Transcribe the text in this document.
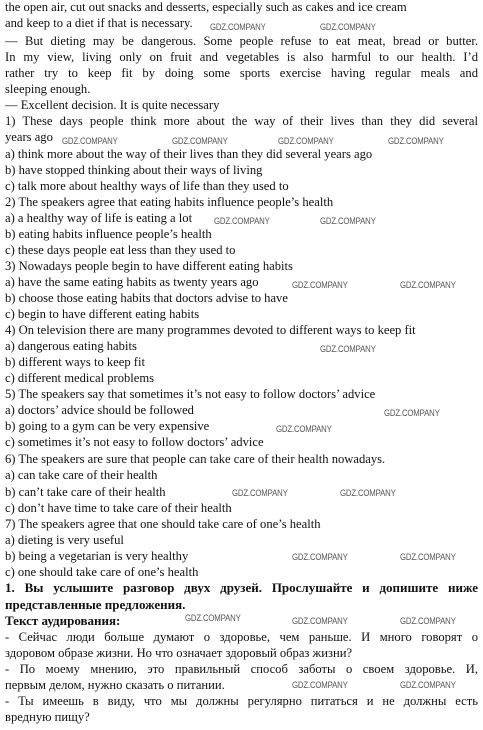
the open air, cut out snacks and desserts, especially such as cakes and ice cream
and keep to a diet if that is necessary.
— But dieting may be dangerous. Some people refuse to eat meat, bread or butter.
In my view, living only on fruit and vegetables is also harmful to our health. I’d
rather try to keep fit by doing some sports exercise having regular meals and
sleeping enough.
— Excellent decision. It is quite necessary
1) These days people think more about the way of their lives than they did several
years ago
a) think more about the way of their lives than they did several years ago
b) have stopped thinking about their ways of living
c) talk more about healthy ways of life than they used to
2) The speakers agree that eating habits influence people’s health
a) a healthy way of life is eating a lot
b) eating habits influence people’s health
c) these days people eat less than they used to
3) Nowadays people begin to have different eating habits
a) have the same eating habits as twenty years ago
b) choose those eating habits that doctors advise to have
c) begin to have different eating habits
4) On television there are many programmes devoted to different ways to keep fit
a) dangerous eating habits
b) different ways to keep fit
c) different medical problems
5) The speakers say that sometimes it’s not easy to follow doctors’ advice
a) doctors’ advice should be followed
b) going to a gym can be very expensive
c) sometimes it’s not easy to follow doctors’ advice
6) The speakers are sure that people can take care of their health nowadays.
a) can take care of their health
b) can’t take care of their health
c) don’t have time to take care of their health
7) The speakers agree that one should take care of one’s health
a) dieting is very useful
b) being a vegetarian is very healthy
c) one should take care of one’s health
1. Вы услышите разговор двух друзей. Прослушайте и допишите ниже
представленные предложения.
Текст аудирования:
- Сейчас люди больше думают о здоровье, чем раньше. И много говорят о
здоровом образе жизни. Но что означает здоровый образ жизни?
- По моему мнению, это правильный способ заботы о своем здоровье. И,
первым делом, нужно сказать о питании.
- Ты имеешь в виду, что мы должны регулярно питаться и не должны есть
вредную пищу?
GDZ.COMPANY	GDZ.COMPANY
GDZ.COMPANY	GDZ.COMPANY	GDZ.COMPANY	GDZ.COMPANY
GDZ.COMPANY	GDZ.COMPANY
GDZ.COMPANY	GDZ.COMPANY
GDZ.COMPANY
GDZ.COMPANY
GDZ.COMPANY
GDZ.COMPANY	GDZ.COMPANY
GDZ.COMPANY	GDZ.COMPANY
GDZ.COMPANY	GDZ.COMPANY	GDZ.COMPANY
GDZ.COMPANY	GDZ.COMPANY
